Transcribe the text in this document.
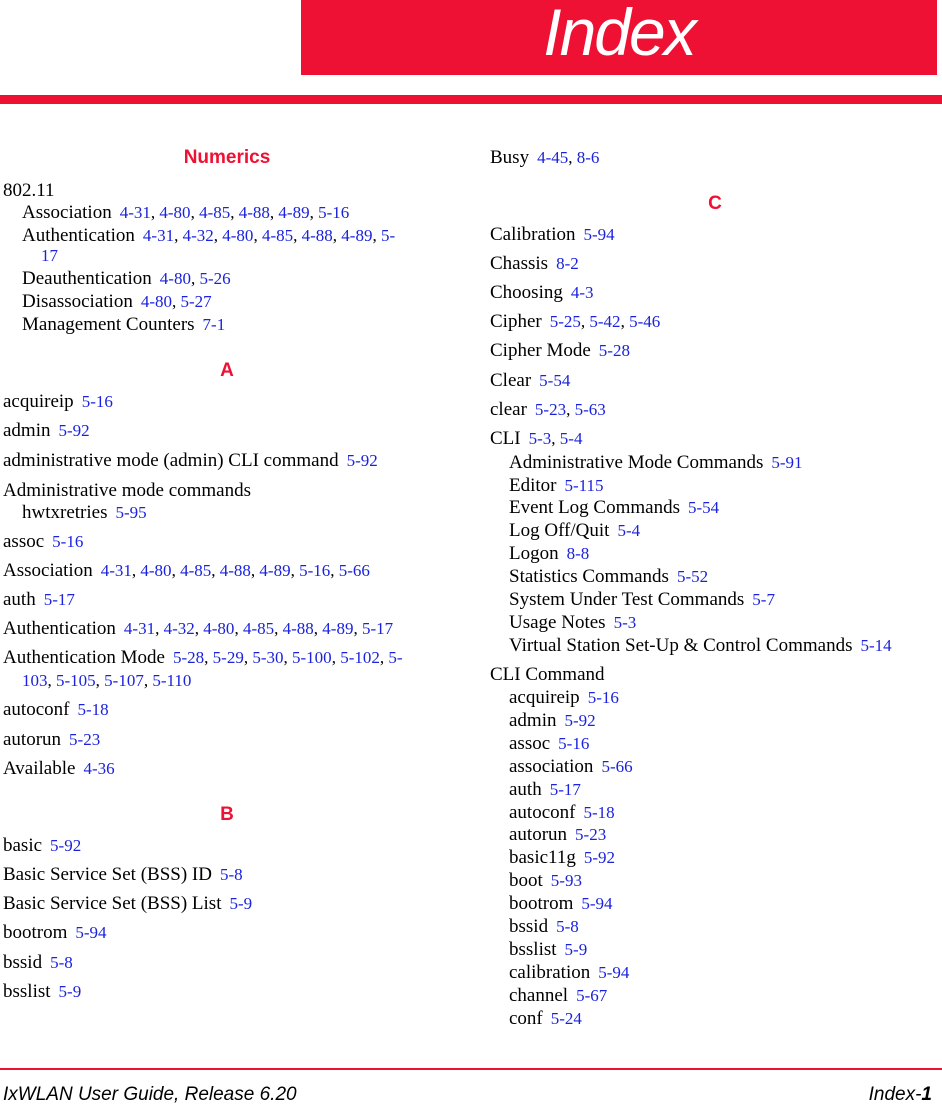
Index
Numerics
802.11
Association 4-31, 4-80, 4-85, 4-88, 4-89, 5-16
Authentication 4-31, 4-32, 4-80, 4-85, 4-88, 4-89, 5-
17
Deauthentication 4-80, 5-26
Disassociation 4-80, 5-27
Management Counters 7-1
A
acquireip 5-16
admin 5-92
administrative mode (admin) CLI command 5-92
Administrative mode commands
hwtxretries 5-95
assoc 5-16
Association 4-31, 4-80, 4-85, 4-88, 4-89, 5-16, 5-66
auth 5-17
Authentication 4-31, 4-32, 4-80, 4-85, 4-88, 4-89, 5-17
Authentication Mode 5-28, 5-29, 5-30, 5-100, 5-102, 5-
103, 5-105, 5-107, 5-110
autoconf 5-18
autorun 5-23
Available 4-36
B
basic 5-92
Basic Service Set (BSS) ID 5-8
Basic Service Set (BSS) List 5-9
bootrom 5-94
bssid 5-8
bsslist 5-9
Busy 4-45, 8-6
C
Calibration 5-94
Chassis 8-2
Choosing 4-3
Cipher 5-25, 5-42, 5-46
Cipher Mode 5-28
Clear 5-54
clear 5-23, 5-63
CLI 5-3, 5-4
Administrative Mode Commands 5-91
Editor 5-115
Event Log Commands 5-54
Log Off/Quit 5-4
Logon 8-8
Statistics Commands 5-52
System Under Test Commands 5-7
Usage Notes 5-3
Virtual Station Set-Up & Control Commands 5-14
CLI Command
acquireip 5-16
admin 5-92
assoc 5-16
association 5-66
auth 5-17
autoconf 5-18
autorun 5-23
basic11g 5-92
boot 5-93
bootrom 5-94
bssid 5-8
bsslist 5-9
calibration 5-94
channel 5-67
conf 5-24
IxWLAN User Guide, Release 6.20	Index-1
